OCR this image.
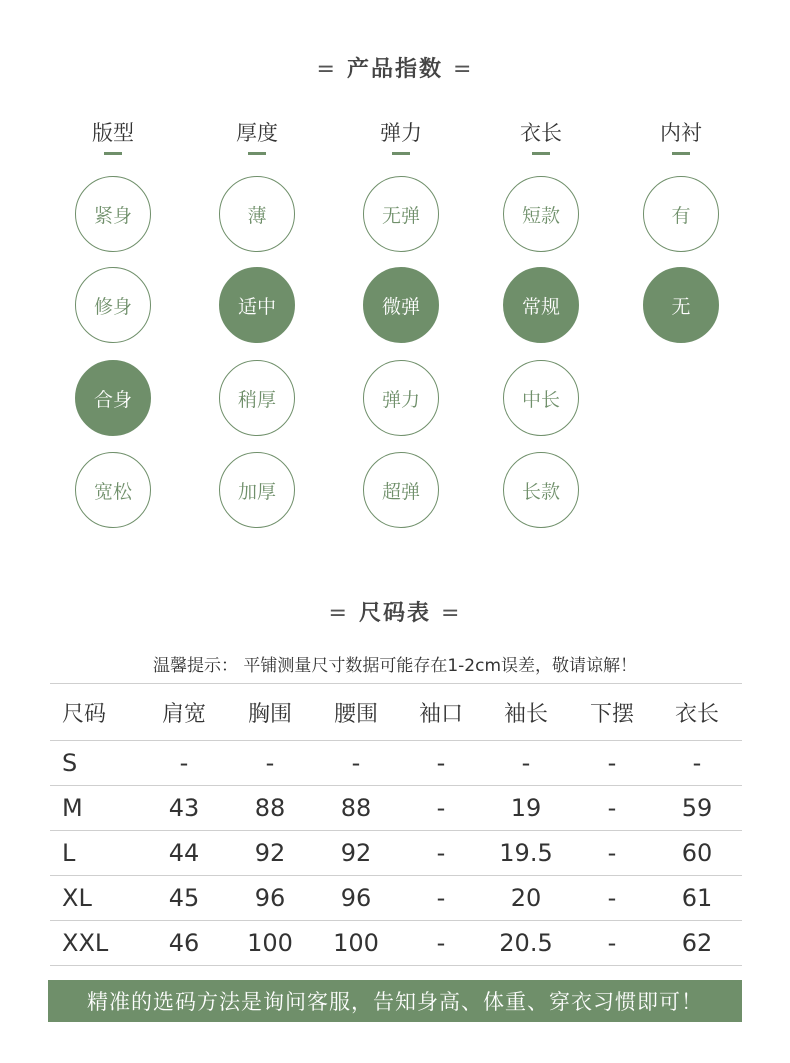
= 产品指数 =
版型
紧身
修身
合身
宽松
厚度
薄
适中
稍厚
加厚
弹力
无弹
微弹
弹力
超弹
衣长
短款
常规
中长
长款
内衬
有
无
= 尺码表 =
温馨提示： 平铺测量尺寸数据可能存在1-2cm误差，敬请谅解！
尺码	肩宽	胸围	腰围	袖口	袖长	下摆	衣长
S	-	-	-	-	-	-	-
M	43	88	88	-	19	-	59
L	44	92	92	-	19.5	-	60
XL	45	96	96	-	20	-	61
XXL	46	100	100	-	20.5	-	62
精准的选码方法是询问客服，告知身高、体重、穿衣习惯即可！
